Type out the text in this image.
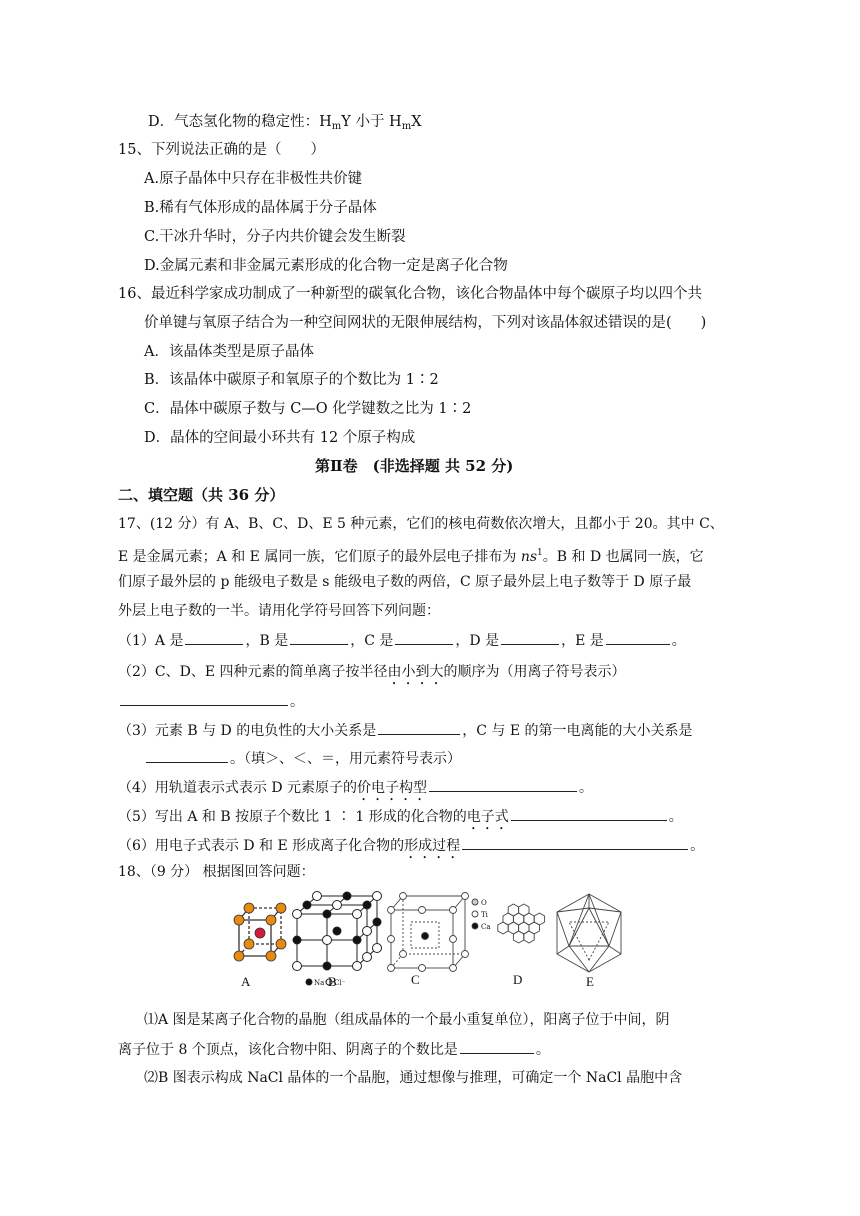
D．气态氢化物的稳定性：$H_mY$ 小于 $H_mX$
15、下列说法正确的是（　　）
A.原子晶体中只存在非极性共价键
B.稀有气体形成的晶体属于分子晶体
C.干冰升华时，分子内共价键会发生断裂
D.金属元素和非金属元素形成的化合物一定是离子化合物
16、最近科学家成功制成了一种新型的碳氧化合物，该化合物晶体中每个碳原子均以四个共
价单键与氧原子结合为一种空间网状的无限伸展结构，下列对该晶体叙述错误的是(　　)
A．该晶体类型是原子晶体
B．该晶体中碳原子和氧原子的个数比为 1∶2
C．晶体中碳原子数与 C—O 化学键数之比为 1∶2
D．晶体的空间最小环共有 12 个原子构成
第Ⅱ卷　(非选择题 共 52 分)
二、填空题（共 36 分）
17、(12 分）有 A、B、C、D、E 5 种元素，它们的核电荷数依次增大，且都小于 20。其中 C、
E 是金属元素；A 和 E 属同一族，它们原子的最外层电子排布为 $ns^1$。B 和 D 也属同一族，它
们原子最外层的 p 能级电子数是 s 能级电子数的两倍，C 原子最外层上电子数等于 D 原子最
外层上电子数的一半。请用化学符号回答下列问题：
（1）A 是	，B 是	，C 是	，D 是	，E 是	。
（2）C、D、E 四种元素的简单离子按半径由小到大的顺序为（用离子符号表示）
。
（3）元素 B 与 D 的电负性的大小关系是	，C 与 E 的第一电离能的大小关系是
。（填＞、＜、＝，用元素符号表示）
（4）用轨道表示式表示 D 元素原子的价电子构型	。
（5）写出 A 和 B 按原子个数比 1 ∶ 1 形成的化合物的电子式	。
（6）用电子式表示 D 和 E 形成离子化合物的形成过程	。
18、（9 分） 根据图回答问题：
Na⁺ Cl⁻
O
Ti
Ca
A	B	C	D	E
⑴A 图是某离子化合物的晶胞（组成晶体的一个最小重复单位），阳离子位于中间，阴
离子位于 8 个顶点，该化合物中阳、阴离子的个数比是	。
⑵B 图表示构成 NaCl 晶体的一个晶胞，通过想像与推理，可确定一个 NaCl 晶胞中含
